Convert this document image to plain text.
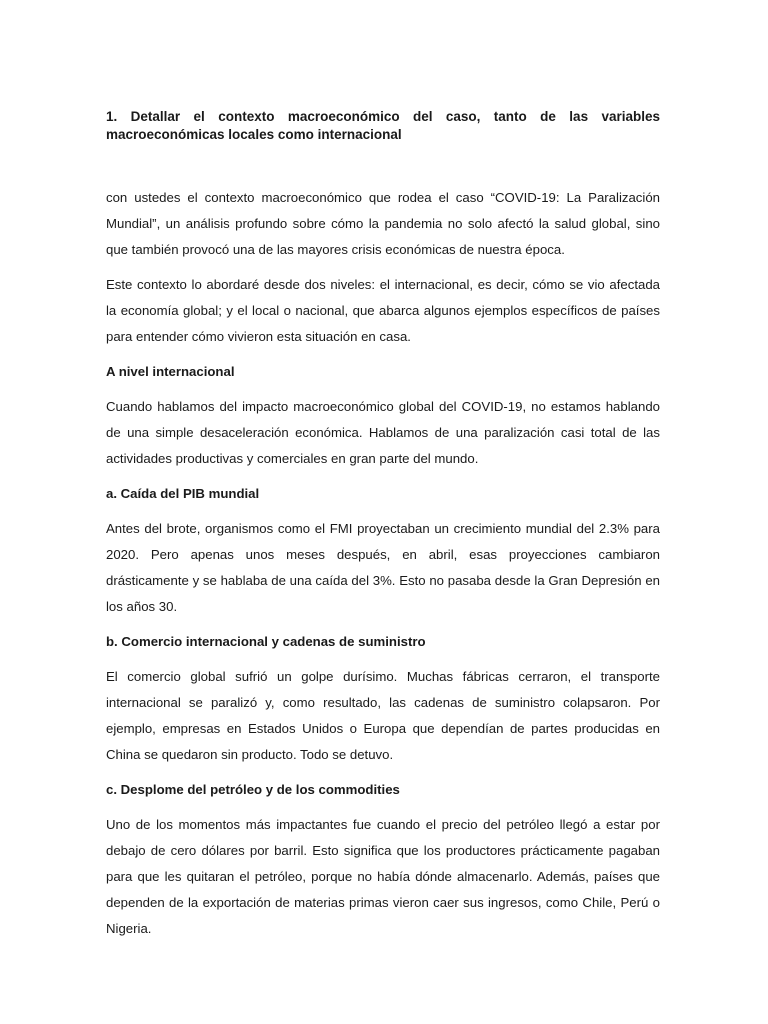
1. Detallar el contexto macroeconómico del caso, tanto de las variables macroeconómicas locales como internacional

con ustedes el contexto macroeconómico que rodea el caso “COVID-19: La Paralización Mundial”, un análisis profundo sobre cómo la pandemia no solo afectó la salud global, sino que también provocó una de las mayores crisis económicas de nuestra época.

Este contexto lo abordaré desde dos niveles: el internacional, es decir, cómo se vio afectada la economía global; y el local o nacional, que abarca algunos ejemplos específicos de países para entender cómo vivieron esta situación en casa.

A nivel internacional

Cuando hablamos del impacto macroeconómico global del COVID-19, no estamos hablando de una simple desaceleración económica. Hablamos de una paralización casi total de las actividades productivas y comerciales en gran parte del mundo.

a. Caída del PIB mundial

Antes del brote, organismos como el FMI proyectaban un crecimiento mundial del 2.3% para 2020. Pero apenas unos meses después, en abril, esas proyecciones cambiaron drásticamente y se hablaba de una caída del 3%. Esto no pasaba desde la Gran Depresión en los años 30.

b. Comercio internacional y cadenas de suministro

El comercio global sufrió un golpe durísimo. Muchas fábricas cerraron, el transporte internacional se paralizó y, como resultado, las cadenas de suministro colapsaron. Por ejemplo, empresas en Estados Unidos o Europa que dependían de partes producidas en China se quedaron sin producto. Todo se detuvo.

c. Desplome del petróleo y de los commodities

Uno de los momentos más impactantes fue cuando el precio del petróleo llegó a estar por debajo de cero dólares por barril. Esto significa que los productores prácticamente pagaban para que les quitaran el petróleo, porque no había dónde almacenarlo. Además, países que dependen de la exportación de materias primas vieron caer sus ingresos, como Chile, Perú o Nigeria.
